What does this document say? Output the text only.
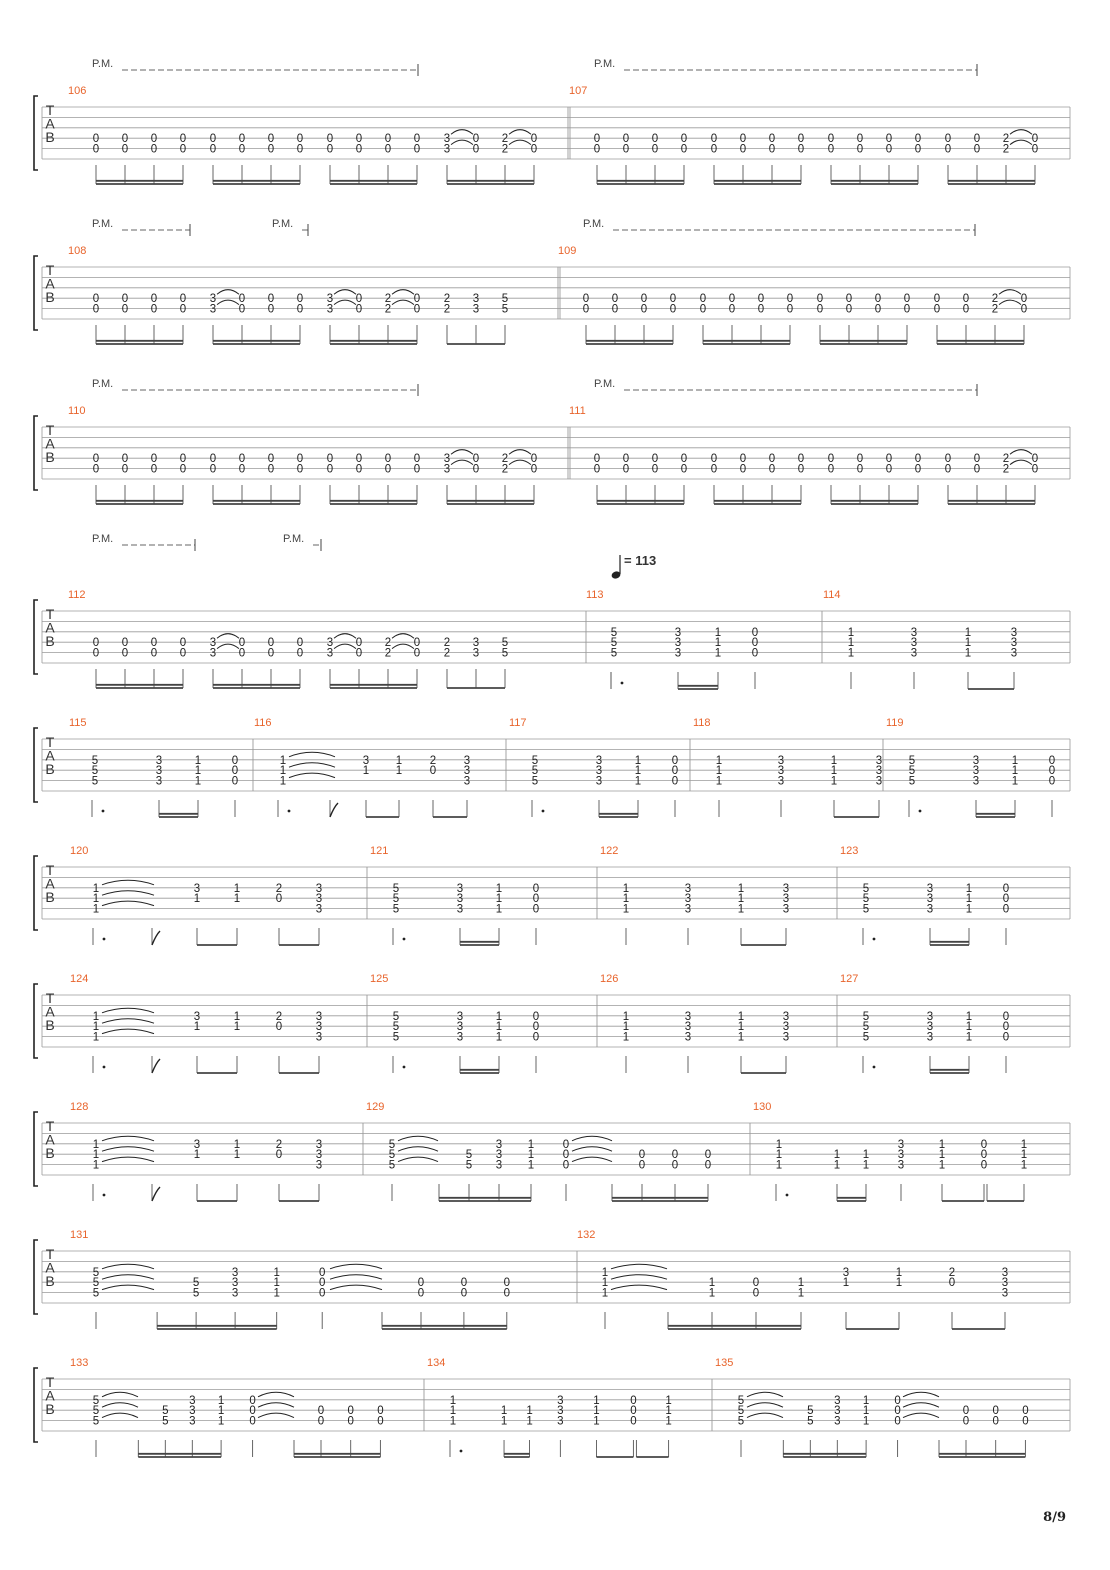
T
A
B
106
0
0
0
0
0
0
0
0
0
0
0
0
0
0
0
0
0
0
0
0
0
0
0
0
3
3
0
0
2
2
0
0
107
0
0
0
0
0
0
0
0
0
0
0
0
0
0
0
0
0
0
0
0
0
0
0
0
0
0
0
0
2
2
0
0
P.M.	P.M.
T
A
B
108
0
0
0
0
0
0
0
0
3
3
0
0
0
0
0
0
3
3
0
0
2
2
0
0
2
2
3
3
5
5
109
0
0
0
0
0
0
0
0
0
0
0
0
0
0
0
0
0
0
0
0
0
0
0
0
0
0
0
0
2
2
0
0
P.M.	P.M.	P.M.
T
A
B
110
0
0
0
0
0
0
0
0
0
0
0
0
0
0
0
0
0
0
0
0
0
0
0
0
3
3
0
0
2
2
0
0
111
0
0
0
0
0
0
0
0
0
0
0
0
0
0
0
0
0
0
0
0
0
0
0
0
0
0
0
0
2
2
0
0
P.M.	P.M.
T
A
B
P.M.	P.M.
= 113
112
0
0
0
0
0
0
0
0
3
3
0
0
0
0
0
0
3
3
0
0
2
2
0
0
2
2
3
3
5
5
113
5
5
5
3
3
3
1
1
1
0
0
0
114
1
1
1
3
3
3
1
1
1
3
3
3
T
A
B
115
5
5
5
3
3
3
1
1
1
0
0
0
116
1
1
1
3
1
1
1
2
0
3
3
3
117
5
5
5
3
3
3
1
1
1
0
0
0
118
1
1
1
3
3
3
1
1
1
3
3
3
119
5
5
5
3
3
3
1
1
1
0
0
0
T
A
B
120
1
1
1
3
1
1
1
2
0
3
3
3
121
5
5
5
3
3
3
1
1
1
0
0
0
122
1
1
1
3
3
3
1
1
1
3
3
3
123
5
5
5
3
3
3
1
1
1
0
0
0
T
A
B
124
1
1
1
3
1
1
1
2
0
3
3
3
125
5
5
5
3
3
3
1
1
1
0
0
0
126
1
1
1
3
3
3
1
1
1
3
3
3
127
5
5
5
3
3
3
1
1
1
0
0
0
T
A
B
128
1
1
1
3
1
1
1
2
0
3
3
3
129
5
5
5
5
5
3
3
3
1
1
1
0
0
0
0
0
0
0
0
0
130
1
1
1
1
1
1
1
3
3
3
1
1
1
0
0
0
1
1
1
T
A
B
131
5
5
5
5
5
3
3
3
1
1
1
0
0
0
0
0
0
0
0
0
132
1
1
1
1
1
0
0
1
1
3
1
1
1
2
0
3
3
3
T
A
B
133
5
5
5
5
5
3
3
3
1
1
1
0
0
0
0
0
0
0
0
0
134
1
1
1
1
1
1
1
3
3
3
1
1
1
0
0
0
1
1
1
135
5
5
5
5
5
3
3
3
1
1
1
0
0
0
0
0
0
0
0
0
8/9
